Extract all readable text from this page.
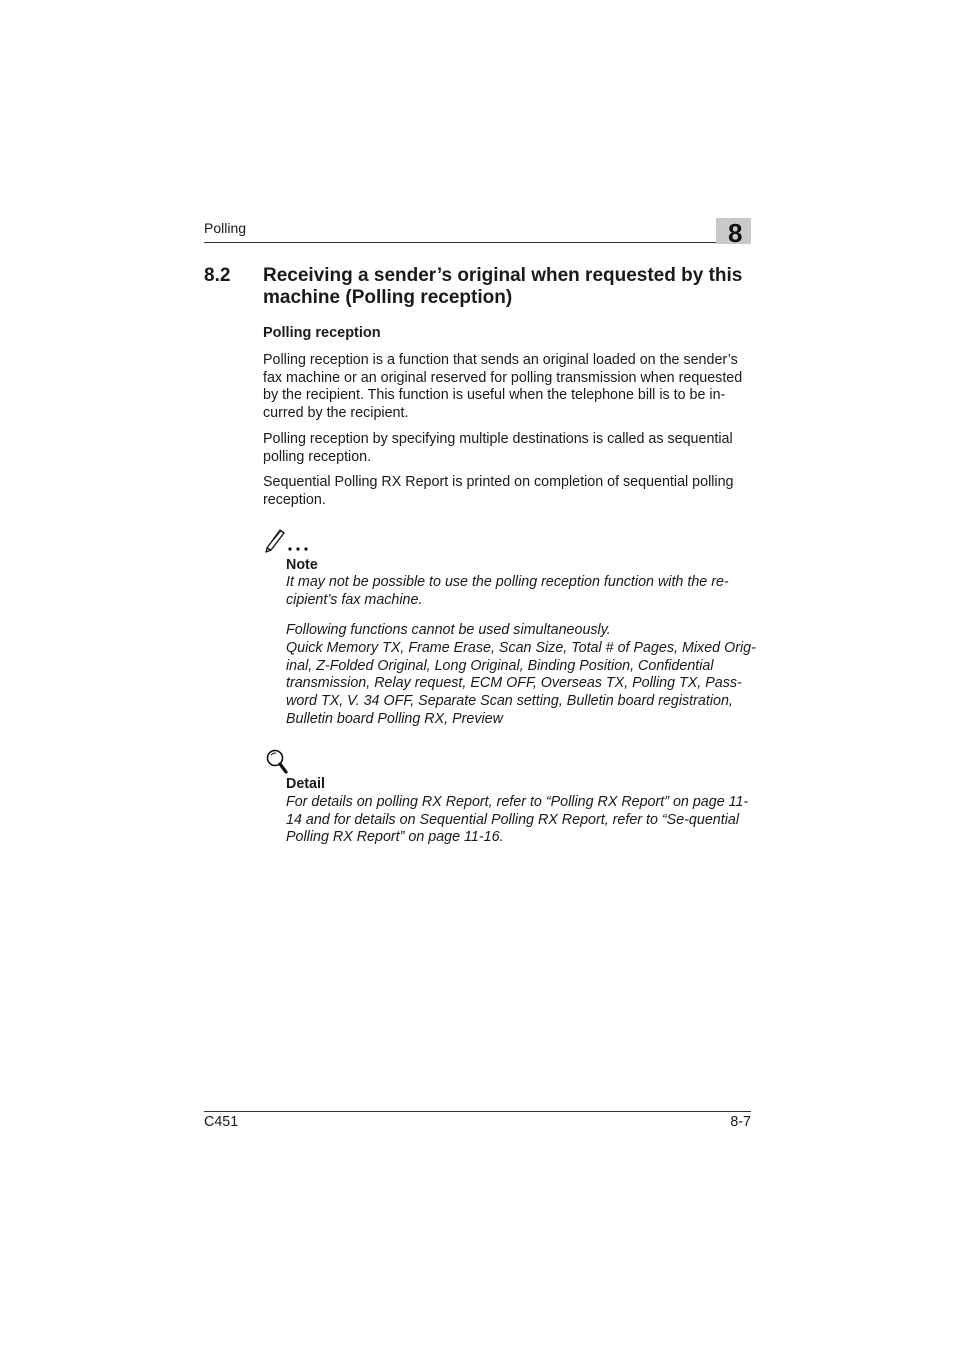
Polling	8
8.2 Receiving a sender’s original when requested by this machine (Polling reception)
Polling reception
Polling reception is a function that sends an original loaded on the sender’s fax machine or an original reserved for polling transmission when requested by the recipient. This function is useful when the telephone bill is to be in-curred by the recipient.
Polling reception by specifying multiple destinations is called as sequential polling reception.
Sequential Polling RX Report is printed on completion of sequential polling reception.
Note
It may not be possible to use the polling reception function with the re-cipient’s fax machine.
Following functions cannot be used simultaneously.
Quick Memory TX, Frame Erase, Scan Size, Total # of Pages, Mixed Orig-inal, Z-Folded Original, Long Original, Binding Position, Confidential transmission, Relay request, ECM OFF, Overseas TX, Polling TX, Pass-word TX, V. 34 OFF, Separate Scan setting, Bulletin board registration, Bulletin board Polling RX, Preview
Detail
For details on polling RX Report, refer to “Polling RX Report” on page 11-14 and for details on Sequential Polling RX Report, refer to “Se-quential Polling RX Report” on page 11-16.
C451	8-7
